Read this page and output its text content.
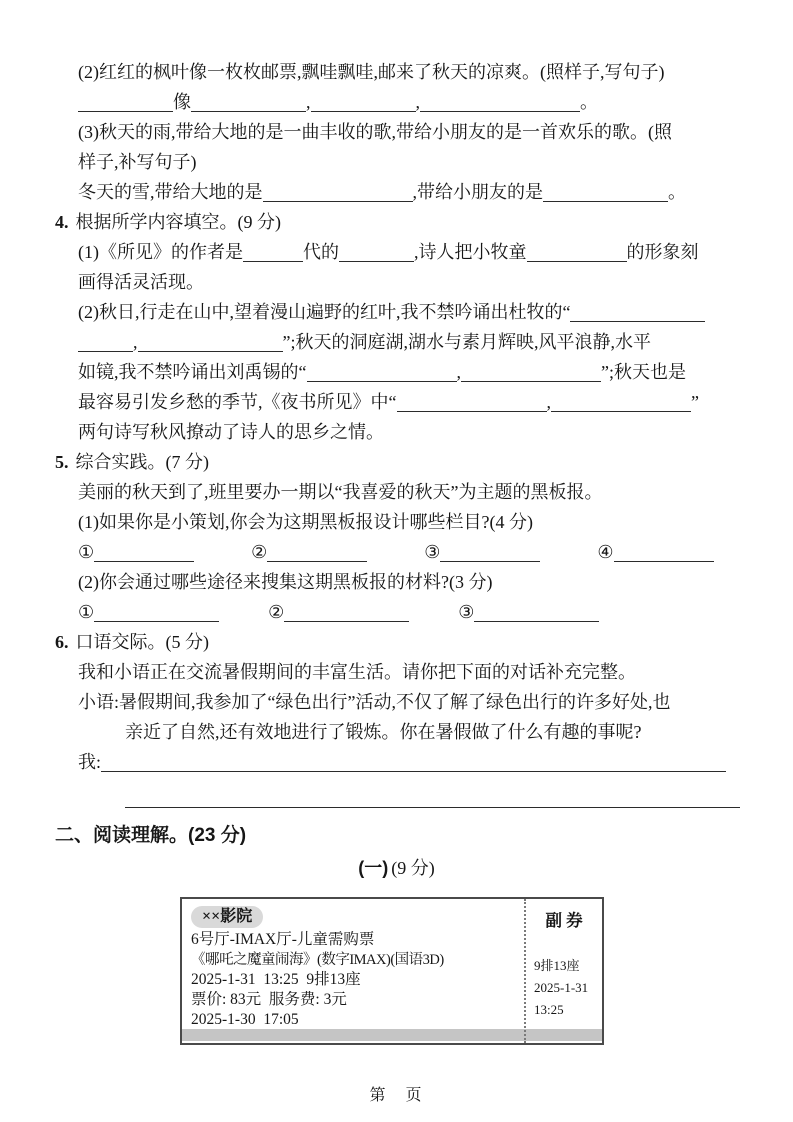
(2)红红的枫叶像一枚枚邮票,飘哇飘哇,邮来了秋天的凉爽。(照样子,写句子)
像	,	,	。
(3)秋天的雨,带给大地的是一曲丰收的歌,带给小朋友的是一首欢乐的歌。(照
样子,补写句子)
冬天的雪,带给大地的是	,带给小朋友的是	。
4. 根据所学内容填空。(9 分)
(1)《所见》的作者是	代的	,诗人把小牧童	的形象刻
画得活灵活现。
(2)秋日,行走在山中,望着漫山遍野的红叶,我不禁吟诵出杜牧的“
,	”;秋天的洞庭湖,湖水与素月辉映,风平浪静,水平
如镜,我不禁吟诵出刘禹锡的“	,	”;秋天也是
最容易引发乡愁的季节,《夜书所见》中“	,	”
两句诗写秋风撩动了诗人的思乡之情。
5. 综合实践。(7 分)
美丽的秋天到了,班里要办一期以“我喜爱的秋天”为主题的黑板报。
(1)如果你是小策划,你会为这期黑板报设计哪些栏目?(4 分)
①	②	③	④
(2)你会通过哪些途径来搜集这期黑板报的材料?(3 分)
①	②	③
6. 口语交际。(5 分)
我和小语正在交流暑假期间的丰富生活。请你把下面的对话补充完整。
小语:暑假期间,我参加了“绿色出行”活动,不仅了解了绿色出行的许多好处,也
亲近了自然,还有效地进行了锻炼。你在暑假做了什么有趣的事呢?
我:
二、阅读理解。(23 分)
(一) (9 分)
××影院
6号厅-IMAX厅-儿童需购票
《哪吒之魔童闹海》(数字IMAX)(国语3D)
2025-1-31  13:25  9排13座
票价: 83元  服务费: 3元
2025-1-30  17:05
副 券
9排13座
2025-1-31
13:25
第　页
